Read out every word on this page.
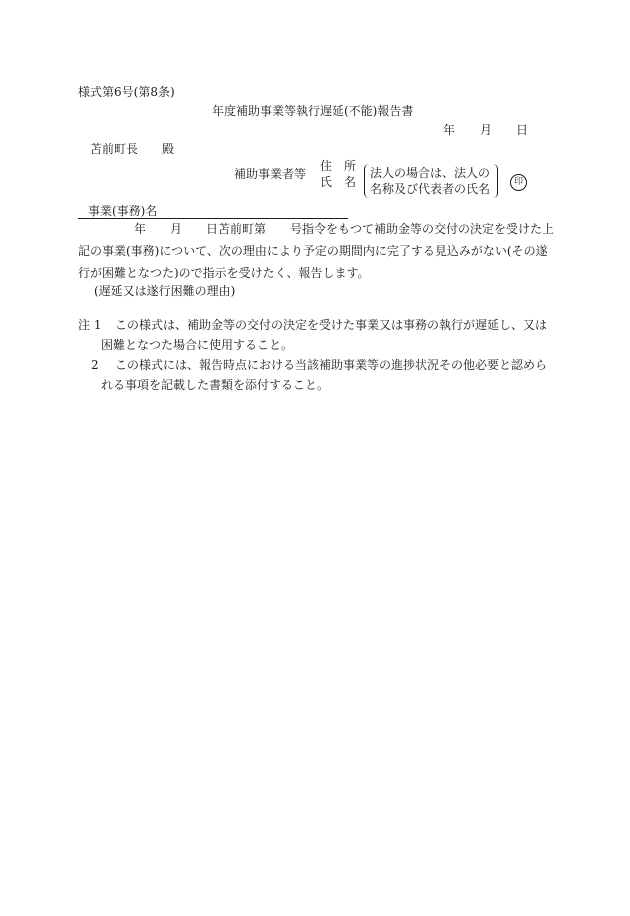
様式第6号(第8条)
年度補助事業等執行遅延(不能)報告書
年 月 日
苫前町長　　殿
補助事業者等
住　所
氏　名
法人の場合は、法人の
名称及び代表者の氏名	印
事業(事務)名
年　　月　　日苫前町第　　号指令をもつて補助金等の交付の決定を受けた上
記の事業(事務)について、次の理由により予定の期間内に完了する見込みがない(その遂
行が困難となつた)ので指示を受けたく、報告します。
(遅延又は遂行困難の理由)
注 1 この様式は、補助金等の交付の決定を受けた事業又は事務の執行が遅延し、又は
困難となつた場合に使用すること。
2 この様式には、報告時点における当該補助事業等の進捗状況その他必要と認めら
れる事項を記載した書類を添付すること。
